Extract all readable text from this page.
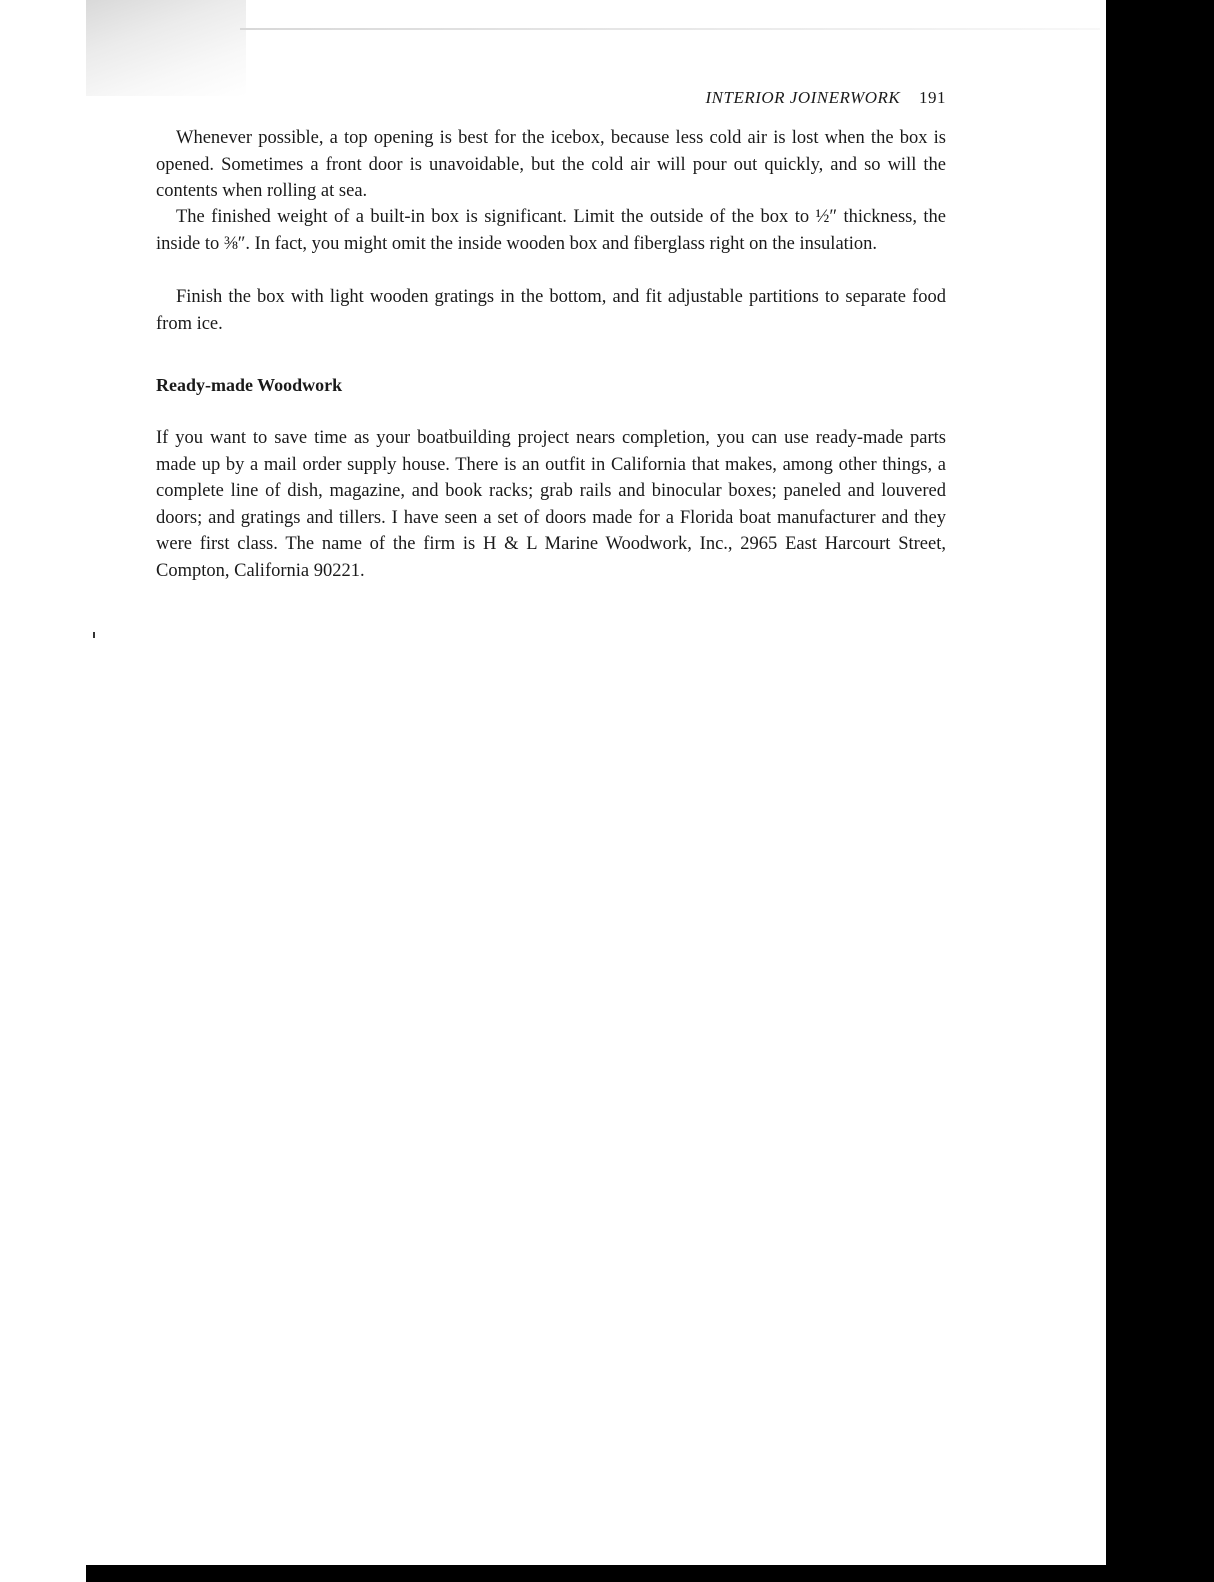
INTERIOR JOINERWORK 191

Whenever possible, a top opening is best for the icebox, because less cold air is lost when the box is opened. Sometimes a front door is unavoidable, but the cold air will pour out quickly, and so will the contents when rolling at sea.

The finished weight of a built-in box is significant. Limit the outside of the box to ½″ thickness, the inside to ⅜″. In fact, you might omit the inside wooden box and fiberglass right on the insulation.

Finish the box with light wooden gratings in the bottom, and fit adjustable partitions to separate food from ice.

Ready-made Woodwork

If you want to save time as your boatbuilding project nears completion, you can use ready-made parts made up by a mail order supply house. There is an outfit in California that makes, among other things, a complete line of dish, magazine, and book racks; grab rails and binocular boxes; paneled and louvered doors; and gratings and tillers. I have seen a set of doors made for a Florida boat manufacturer and they were first class. The name of the firm is H & L Marine Woodwork, Inc., 2965 East Harcourt Street, Compton, California 90221.
